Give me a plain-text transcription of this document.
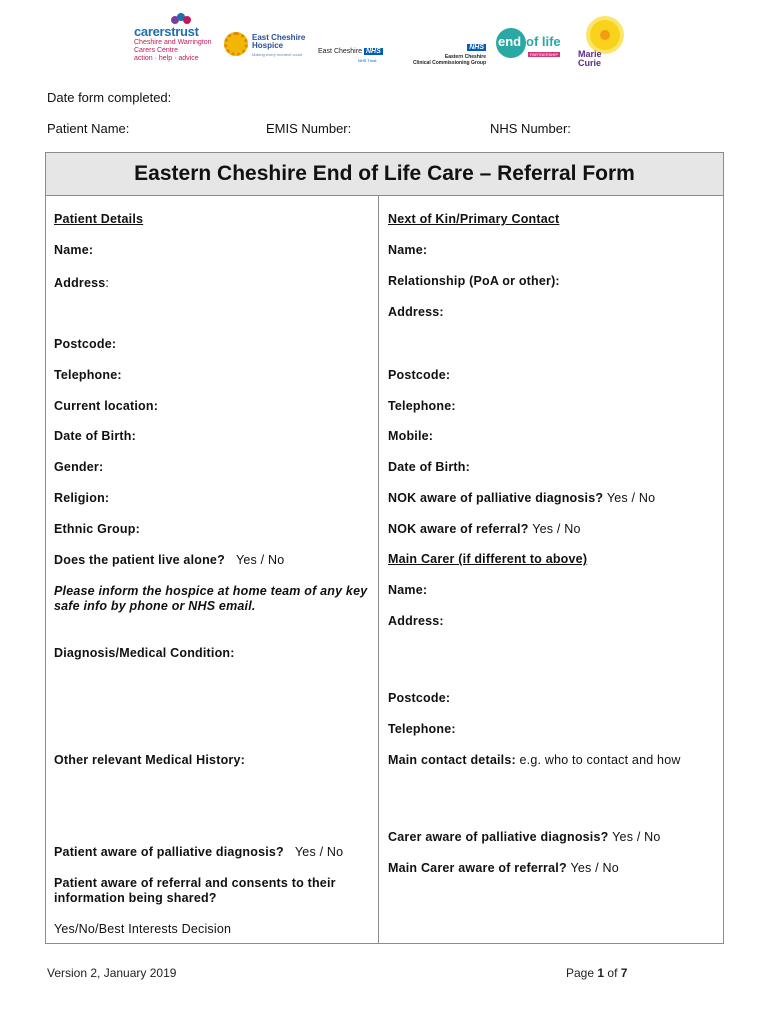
carerstrust
Cheshire and Warrington Carers Centre
action · help · advice
East Cheshire
Hospice
Making every moment count East Cheshire NHS
NHS Trust
NHS
Eastern Cheshire
Clinical Commissioning Group
end of life
PARTNERSHIP Marie
Curie
Date form completed:
Patient Name:	EMIS Number:	NHS Number:
Eastern Cheshire End of Life Care – Referral Form
Patient Details
Name:
Address:
Postcode:
Telephone:
Current location:
Date of Birth:
Gender:
Religion:
Ethnic Group:
Does the patient live alone? Yes / No
Please inform the hospice at home team of any key safe info by phone or NHS email.
Diagnosis/Medical Condition:
Other relevant Medical History:
Patient aware of palliative diagnosis? Yes / No
Patient aware of referral and consents to their information being shared?
Yes/No/Best Interests Decision
Next of Kin/Primary Contact
Name:
Relationship (PoA or other):
Address:
Postcode:
Telephone:
Mobile:
Date of Birth:
NOK aware of palliative diagnosis? Yes / No
NOK aware of referral? Yes / No
Main Carer (if different to above)
Name:
Address:
Postcode:
Telephone:
Main contact details: e.g. who to contact and how
Carer aware of palliative diagnosis? Yes / No
Main Carer aware of referral? Yes / No
Version 2, January 2019	Page 1 of 7
